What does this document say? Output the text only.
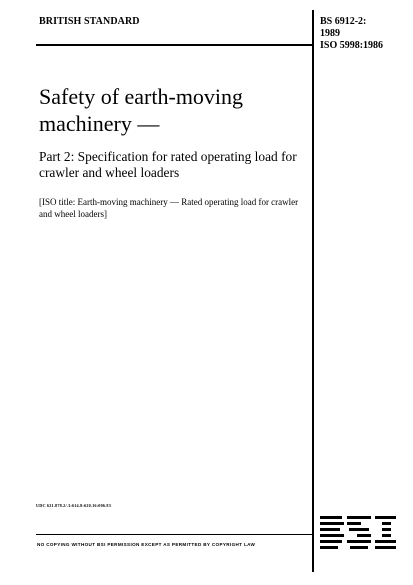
BRITISH STANDARD	BS 6912-2:
1989
ISO 5998:1986
Safety of earth-moving machinery —
Part 2: Specification for rated operating load for crawler and wheel loaders
[ISO title: Earth-moving machinery — Rated operating load for crawler and wheel loaders]
UDC 621.878.2/.3:614.8:620.16:006.83
NO COPYING WITHOUT BSI PERMISSION EXCEPT AS PERMITTED BY COPYRIGHT LAW
